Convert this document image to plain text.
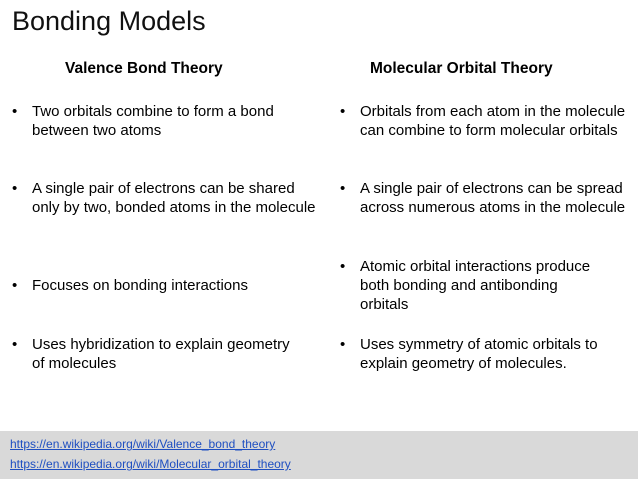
Bonding Models
Valence Bond Theory	Molecular Orbital Theory

• Two orbitals combine to form a bond between two atoms

• A single pair of electrons can be shared only by two, bonded atoms in the molecule

• Focuses on bonding interactions

• Uses hybridization to explain geometry of molecules

• Orbitals from each atom in the molecule can combine to form molecular orbitals

• A single pair of electrons can be spread across numerous atoms in the molecule

• Atomic orbital interactions produce both bonding and antibonding orbitals

• Uses symmetry of atomic orbitals to explain geometry of molecules.

https://en.wikipedia.org/wiki/Valence_bond_theory
https://en.wikipedia.org/wiki/Molecular_orbital_theory
